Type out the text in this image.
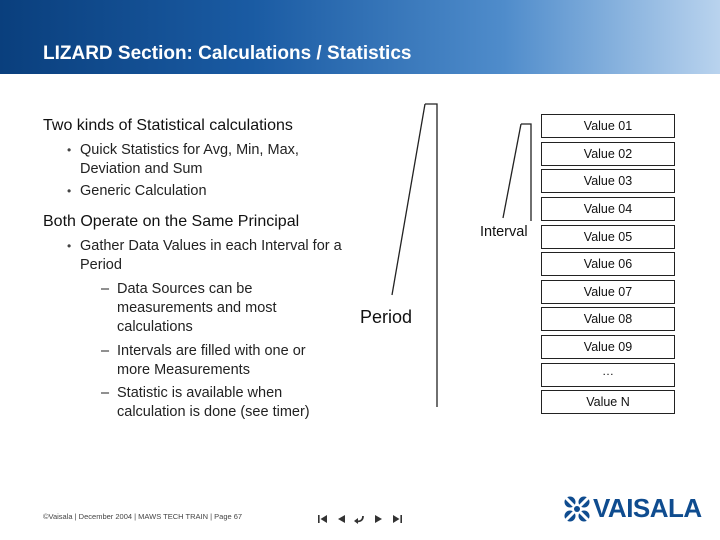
LIZARD Section: Calculations / Statistics
Two kinds of Statistical calculations
• Quick Statistics for Avg, Min, Max, Deviation and Sum
• Generic Calculation
Both Operate on the Same Principal
• Gather Data Values in each Interval for a Period
– Data Sources can be measurements and most calculations
– Intervals are filled with one or more Measurements
– Statistic is available when calculation is done (see timer)
Period
Interval
Value 01
Value 02
Value 03
Value 04
Value 05
Value 06
Value 07
Value 08
Value 09
…
Value N
©Vaisala | December 2004 | MAWS TECH TRAIN | Page 67	VAISALA
